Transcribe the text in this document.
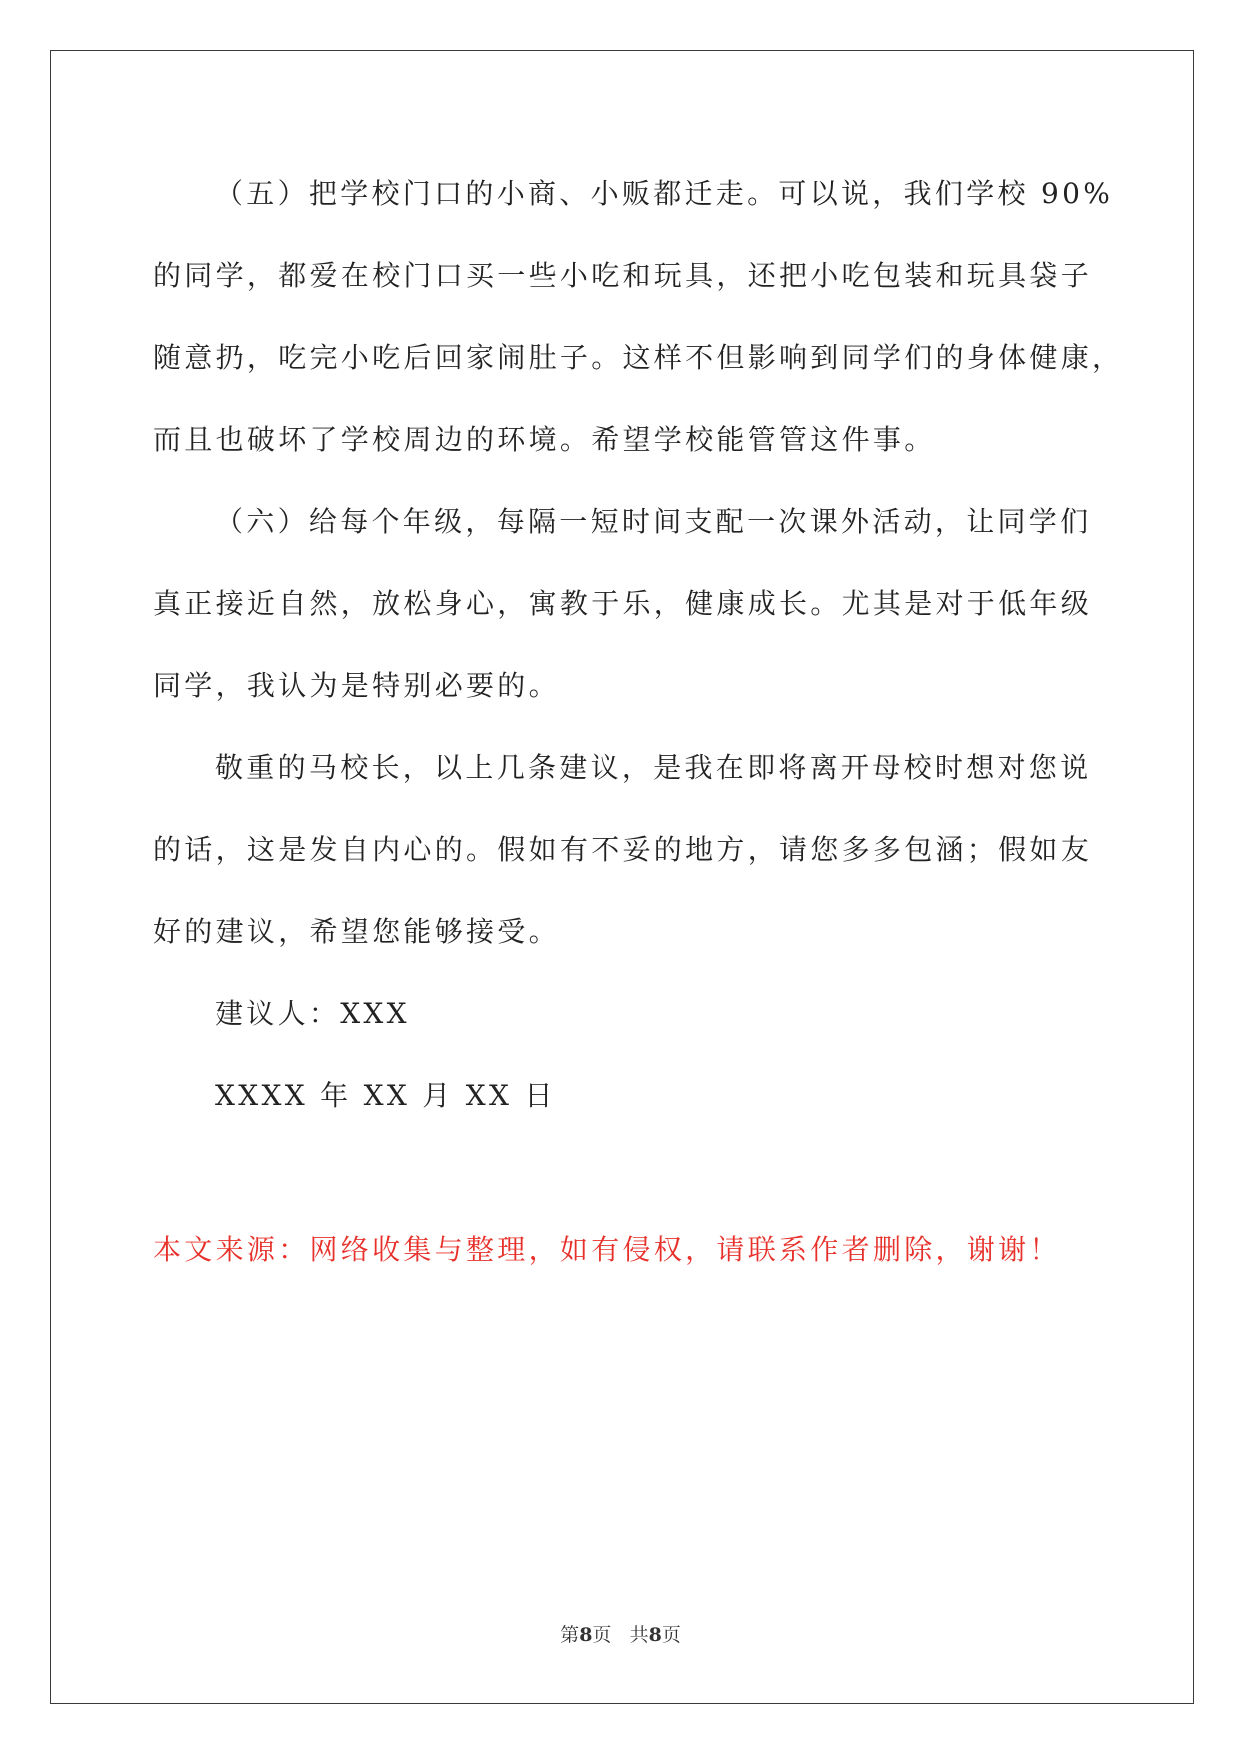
（五）把学校门口的小商、小贩都迁走。可以说，我们学校 90%
的同学，都爱在校门口买一些小吃和玩具，还把小吃包装和玩具袋子
随意扔，吃完小吃后回家闹肚子。这样不但影响到同学们的身体健康，
而且也破坏了学校周边的环境。希望学校能管管这件事。
（六）给每个年级，每隔一短时间支配一次课外活动，让同学们
真正接近自然，放松身心，寓教于乐，健康成长。尤其是对于低年级
同学，我认为是特别必要的。
敬重的马校长，以上几条建议，是我在即将离开母校时想对您说
的话，这是发自内心的。假如有不妥的地方，请您多多包涵；假如友
好的建议，希望您能够接受。
建议人：XXX
XXXX 年 XX 月 XX 日
本文来源：网络收集与整理，如有侵权，请联系作者删除，谢谢！
第8页 共8页
